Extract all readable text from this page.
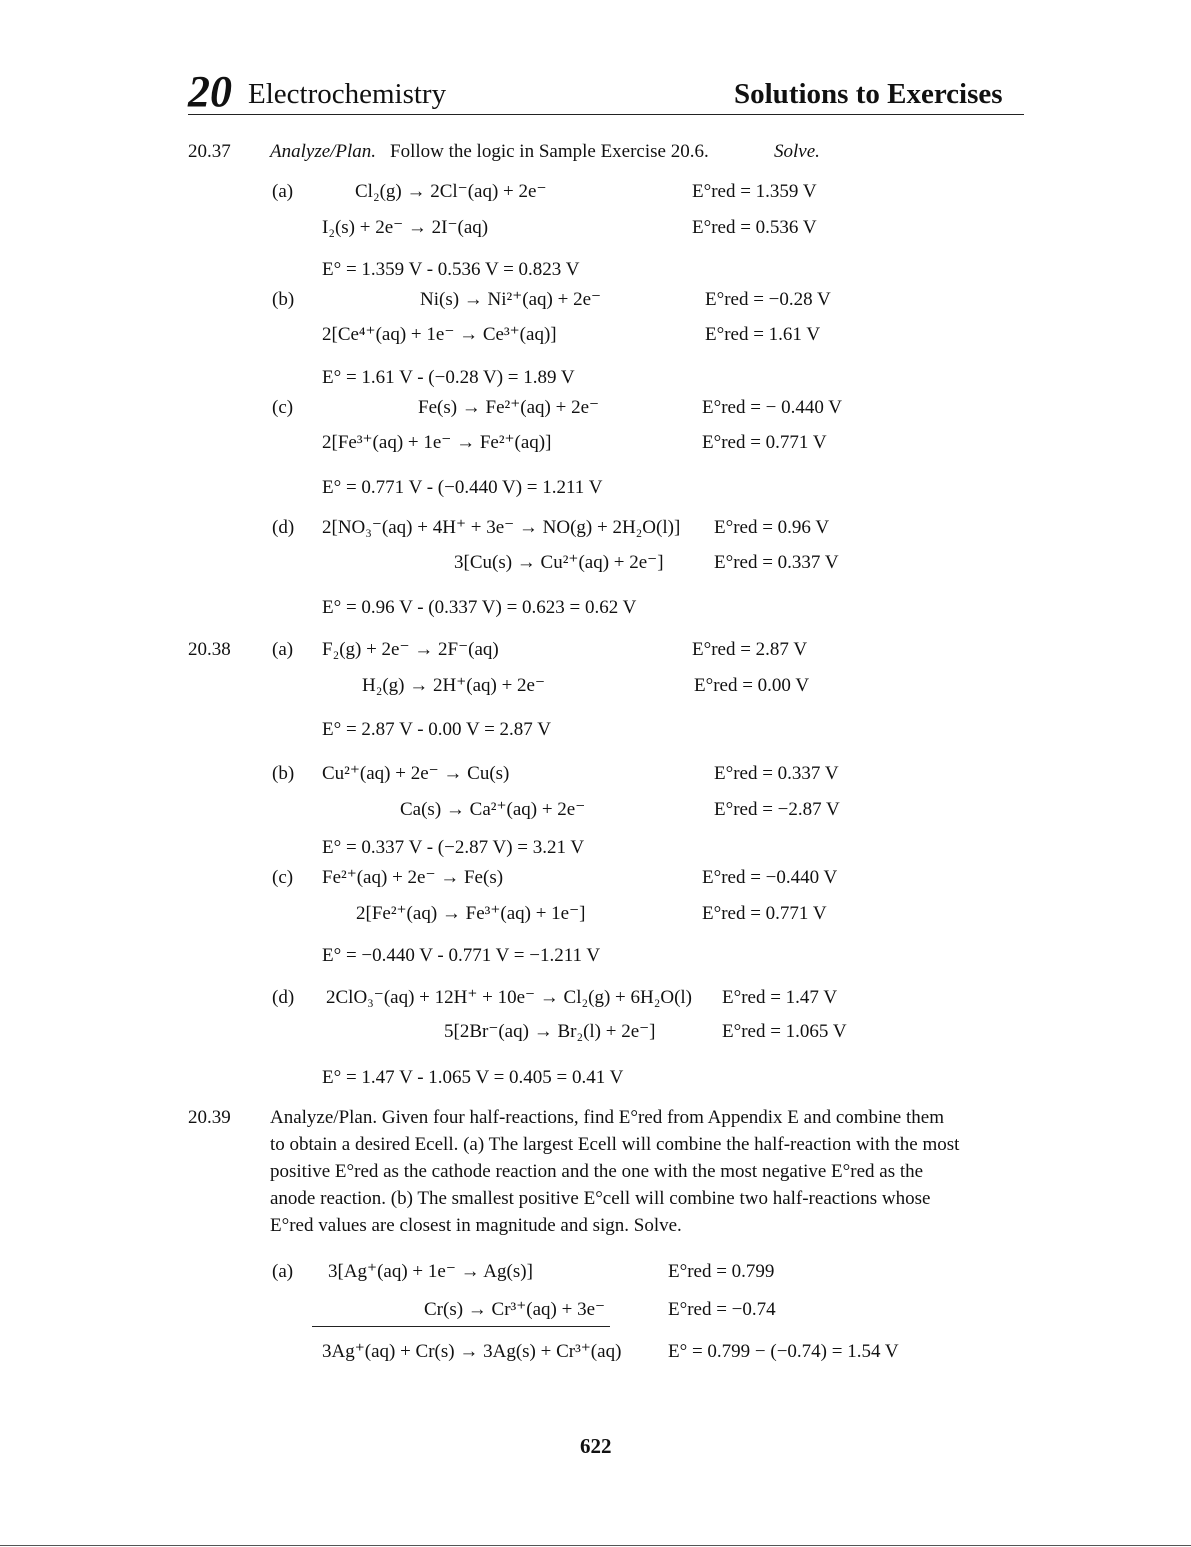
20 Electrochemistry	Solutions to Exercises
20.37 Analyze/Plan. Follow the logic in Sample Exercise 20.6.	Solve.
(a)	Cl₂(g) → 2Cl⁻(aq) + 2e⁻	E°red = 1.359 V
I₂(s) + 2e⁻ → 2I⁻(aq)	E°red = 0.536 V
E° = 1.359 V - 0.536 V = 0.823 V
(b)	Ni(s) → Ni²⁺(aq) + 2e⁻	E°red = −0.28 V
2[Ce⁴⁺(aq) + 1e⁻ → Ce³⁺(aq)]	E°red = 1.61 V
E° = 1.61 V - (−0.28 V) = 1.89 V
(c)	Fe(s) → Fe²⁺(aq) + 2e⁻	E°red = − 0.440 V
2[Fe³⁺(aq) + 1e⁻ → Fe²⁺(aq)]	E°red = 0.771 V
E° = 0.771 V - (−0.440 V) = 1.211 V
(d) 2[NO₃⁻(aq) + 4H⁺ + 3e⁻ → NO(g) + 2H₂O(l)] E°red = 0.96 V
3[Cu(s) → Cu²⁺(aq) + 2e⁻]	E°red = 0.337 V
E° = 0.96 V - (0.337 V) = 0.623 = 0.62 V
20.38 (a) F₂(g) + 2e⁻ → 2F⁻(aq)	E°red = 2.87 V
H₂(g) → 2H⁺(aq) + 2e⁻	E°red = 0.00 V
E° = 2.87 V - 0.00 V = 2.87 V
(b) Cu²⁺(aq) + 2e⁻ → Cu(s)	E°red = 0.337 V
Ca(s) → Ca²⁺(aq) + 2e⁻	E°red = −2.87 V
E° = 0.337 V - (−2.87 V) = 3.21 V
(c) Fe²⁺(aq) + 2e⁻ → Fe(s)	E°red = −0.440 V
2[Fe²⁺(aq) → Fe³⁺(aq) + 1e⁻]	E°red = 0.771 V
E° = −0.440 V - 0.771 V = −1.211 V
(d) 2ClO₃⁻(aq) + 12H⁺ + 10e⁻ → Cl₂(g) + 6H₂O(l) E°red = 1.47 V
5[2Br⁻(aq) → Br₂(l) + 2e⁻]	E°red = 1.065 V
E° = 1.47 V - 1.065 V = 0.405 = 0.41 V
20.39 Analyze/Plan. Given four half-reactions, find E°red from Appendix E and combine them
to obtain a desired Ecell. (a) The largest Ecell will combine the half-reaction with the most
positive E°red as the cathode reaction and the one with the most negative E°red as the
anode reaction. (b) The smallest positive E°cell will combine two half-reactions whose
E°red values are closest in magnitude and sign. Solve.
(a) 3[Ag⁺(aq) + 1e⁻ → Ag(s)]	E°red = 0.799
Cr(s) → Cr³⁺(aq) + 3e⁻	E°red = −0.74
3Ag⁺(aq) + Cr(s) → 3Ag(s) + Cr³⁺(aq) E° = 0.799 − (−0.74) = 1.54 V
622
